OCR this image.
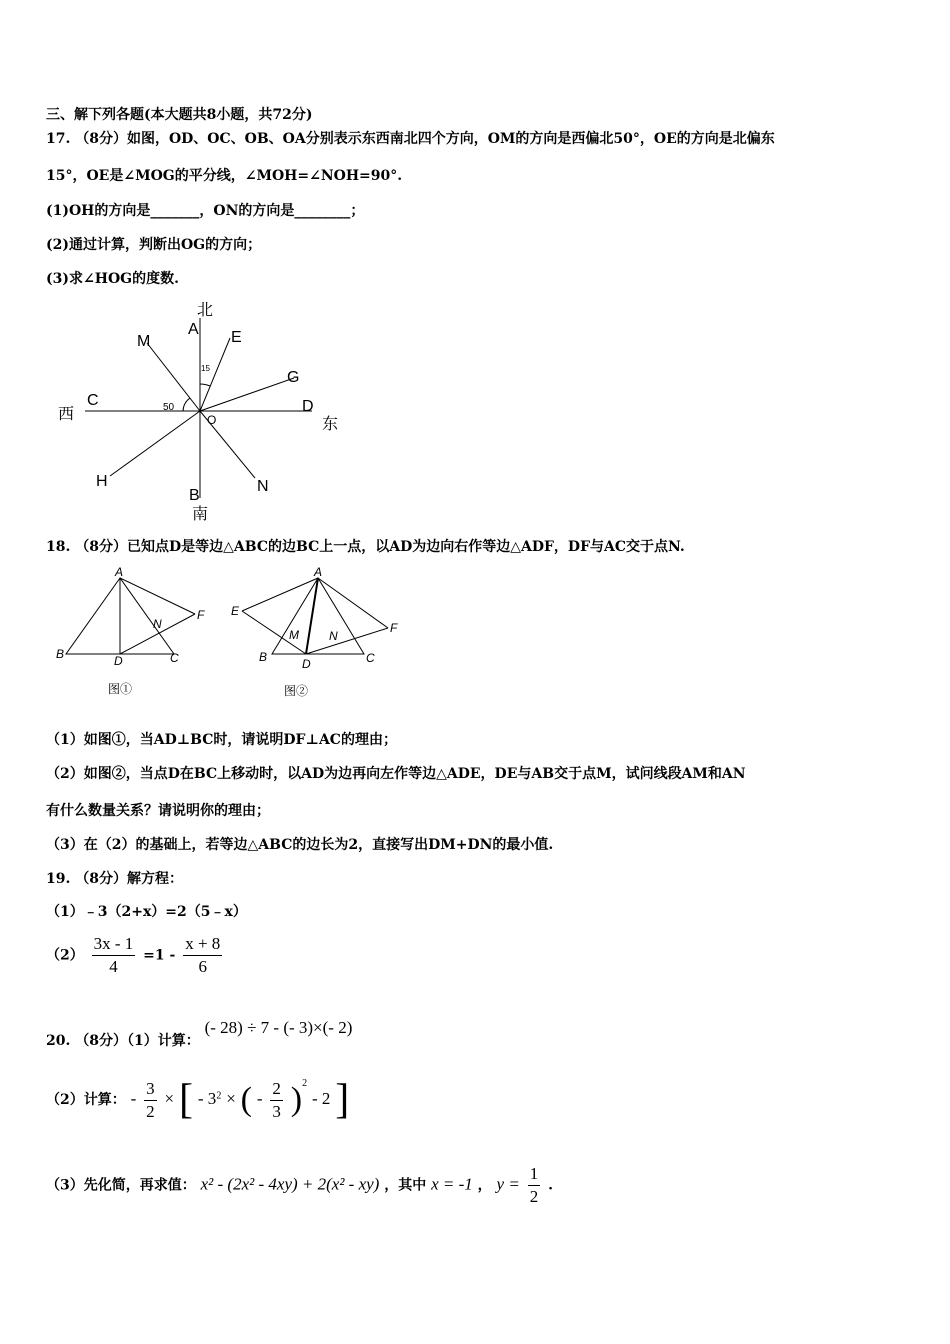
三、解下列各题(本大题共8小题，共72分)
17. （8分）如图，OD、OC、OB、OA分别表示东西南北四个方向，OM的方向是西偏北50°，OE的方向是北偏东
15°，OE是∠MOG的平分线，∠MOH=∠NOH=90°.
(1)OH的方向是_______，ON的方向是________；
(2)通过计算，判断出OG的方向；
(3)求∠HOG的度数.
北
A E
M
15
G
C
西	50
O
D
东
H	N
B
南
18. （8分）已知点D是等边△ABC的边BC上一点，以AD为边向右作等边△ADF，DF与AC交于点N.
A
B	C
D
F
N
图①
A
E
F
B	C
D
M	N
图②
（1）如图①，当AD⊥BC时，请说明DF⊥AC的理由；
（2）如图②，当点D在BC上移动时，以AD为边再向左作等边△ADE，DE与AB交于点M，试问线段AM和AN
有什么数量关系？请说明你的理由；
（3）在（2）的基础上，若等边△ABC的边长为2，直接写出DM+DN的最小值.
19. （8分）解方程：
（1）﹣3（2+x）=2（5﹣x）
$(2) \frac{3x - 1}{4} =1 - \frac{x + 8}{6}$
20. （8分）（1）计算： (- 28) ÷ 7 - (- 3)×(- 2)
（2）计算： - $\frac{3}{2}$ × [ - $3^2$ × ( - $\frac{2}{3} )^2 - 2$ ]
（3）先化简，再求值： x² - (2x² - 4xy) + 2(x² - xy) ，其中 x = -1 ， $y = \frac{1}{2}$ .
